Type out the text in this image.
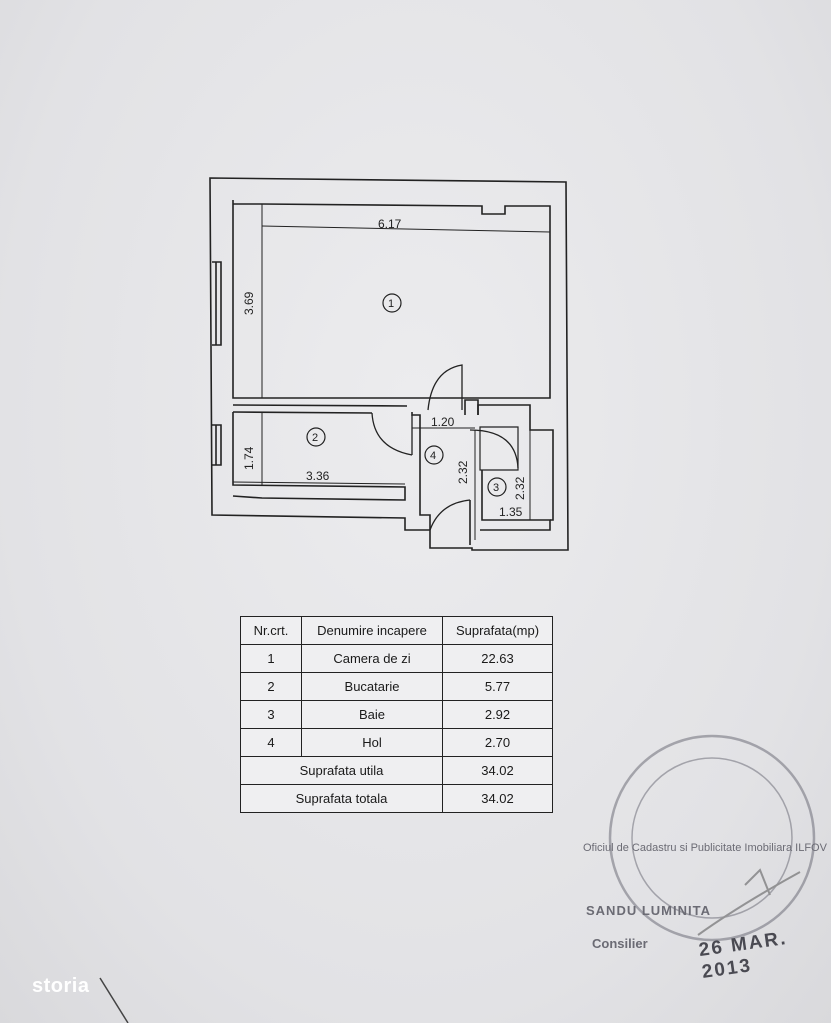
6.17
3.69
1.20
1.74
3.36	2.32
2.32
1.35
1
2
3
4
Nr.crt.	Denumire incapere	Suprafata(mp)
1	Camera de zi	22.63
2	Bucatarie	5.77
3	Baie	2.92
4	Hol	2.70
Suprafata utila		34.02
Suprafata totala		34.02
Oficiul de Cadastru si Publicitate Imobiliara ILFOV
SANDU LUMINITA
Consilier	26 MAR. 2013
storia
